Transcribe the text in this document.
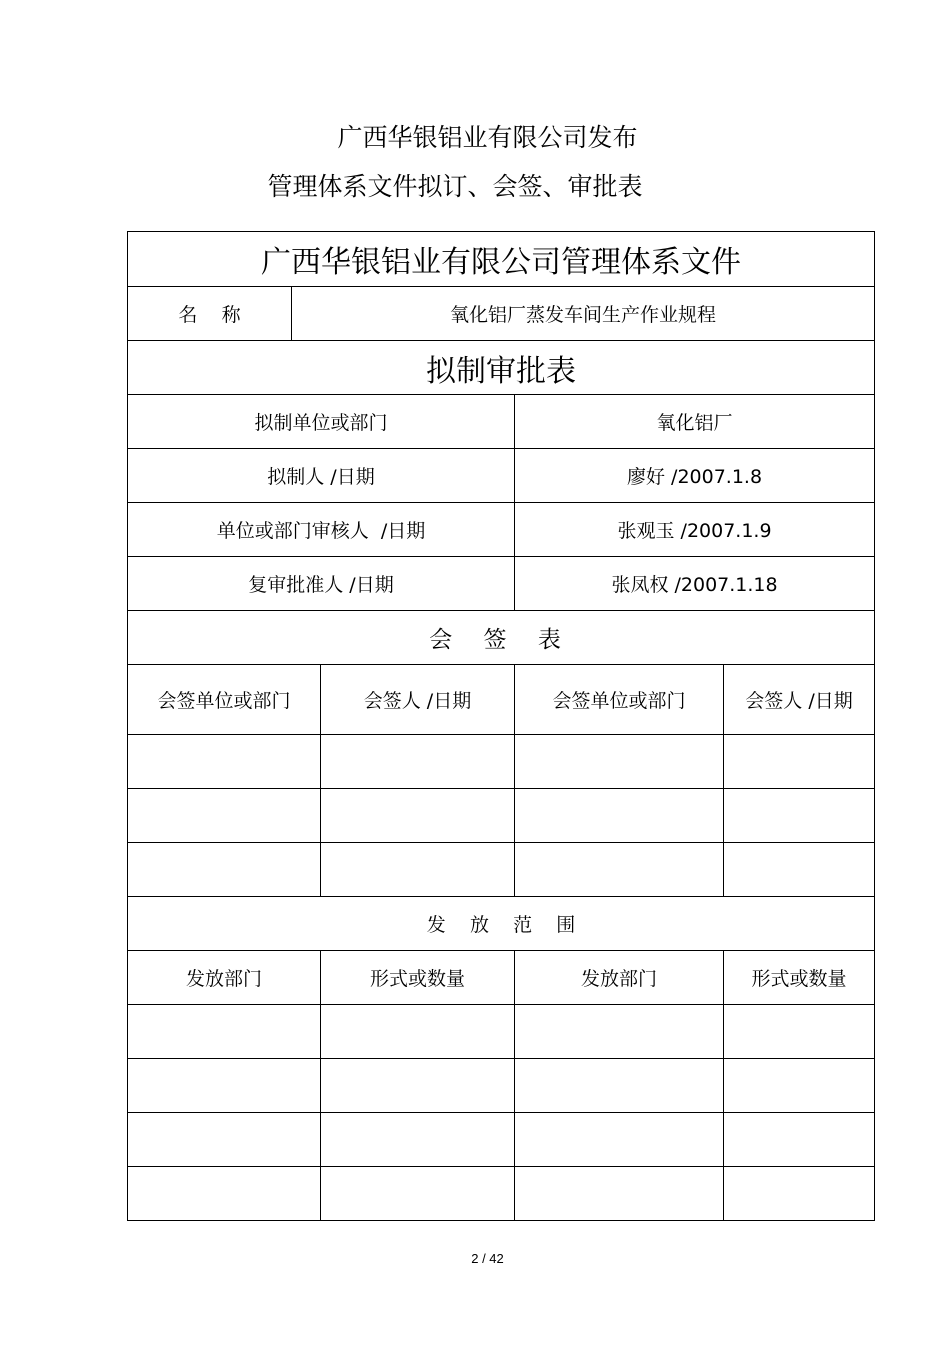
广西华银铝业有限公司发布
管理体系文件拟订、会签、审批表
广西华银铝业有限公司管理体系文件				
名    称	氧化铝厂蒸发车间生产作业规程			
拟制审批表				
拟制单位或部门			氧化铝厂	
拟制人 /日期			廖好 /2007.1.8	
单位或部门审核人  /日期			张观玉 /2007.1.9	
复审批准人 /日期			张凤权 /2007.1.18	
会 签 表				
会签单位或部门		会签人 /日期	会签单位或部门	会签人 /日期

发    放    范    围				
发放部门		形式或数量	发放部门	形式或数量

2 / 42
